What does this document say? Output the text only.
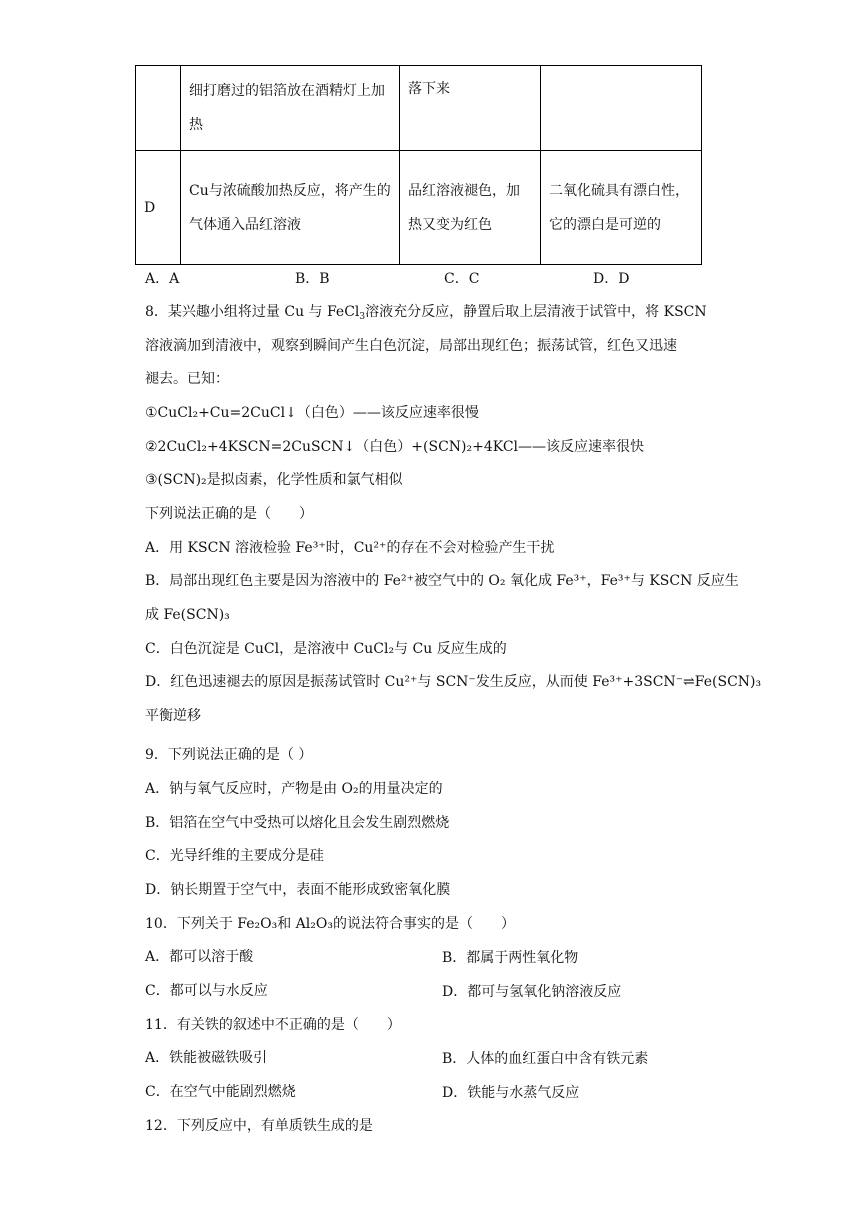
	细打磨过的铝箔放在酒精灯上加热	落下来	
D	Cu与浓硫酸加热反应，将产生的气体通入品红溶液	品红溶液褪色，加热又变为红色	二氧化硫具有漂白性，它的漂白是可逆的
A．A	B．B	C．C	D．D
8．某兴趣小组将过量 Cu 与 FeCl$_3$溶液充分反应，静置后取上层清液于试管中，将 KSCN
溶液滴加到清液中，观察到瞬间产生白色沉淀，局部出现红色；振荡试管，红色又迅速
褪去。已知：
①CuCl₂+Cu=2CuCl↓（白色）——该反应速率很慢
②2CuCl₂+4KSCN=2CuSCN↓（白色）+(SCN)₂+4KCl——该反应速率很快
③(SCN)₂是拟卤素，化学性质和氯气相似
下列说法正确的是（　　）
A．用 KSCN 溶液检验 Fe³⁺时，Cu²⁺的存在不会对检验产生干扰
B．局部出现红色主要是因为溶液中的 Fe²⁺被空气中的 O₂ 氧化成 Fe³⁺，Fe³⁺与 KSCN 反应生
成 Fe(SCN)₃
C．白色沉淀是 CuCl，是溶液中 CuCl₂与 Cu 反应生成的
D．红色迅速褪去的原因是振荡试管时 Cu²⁺与 SCN⁻发生反应，从而使 Fe³⁺+3SCN⁻⇌Fe(SCN)₃
平衡逆移
9．下列说法正确的是（ ）
A．钠与氧气反应时，产物是由 O₂的用量决定的
B．铝箔在空气中受热可以熔化且会发生剧烈燃烧
C．光导纤维的主要成分是硅
D．钠长期置于空气中，表面不能形成致密氧化膜
10．下列关于 Fe₂O₃和 Al₂O₃的说法符合事实的是（　　）
A．都可以溶于酸	B．都属于两性氧化物
C．都可以与水反应	D．都可与氢氧化钠溶液反应
11．有关铁的叙述中不正确的是（　　）
A．铁能被磁铁吸引	B．人体的血红蛋白中含有铁元素
C．在空气中能剧烈燃烧	D．铁能与水蒸气反应
12．下列反应中，有单质铁生成的是
